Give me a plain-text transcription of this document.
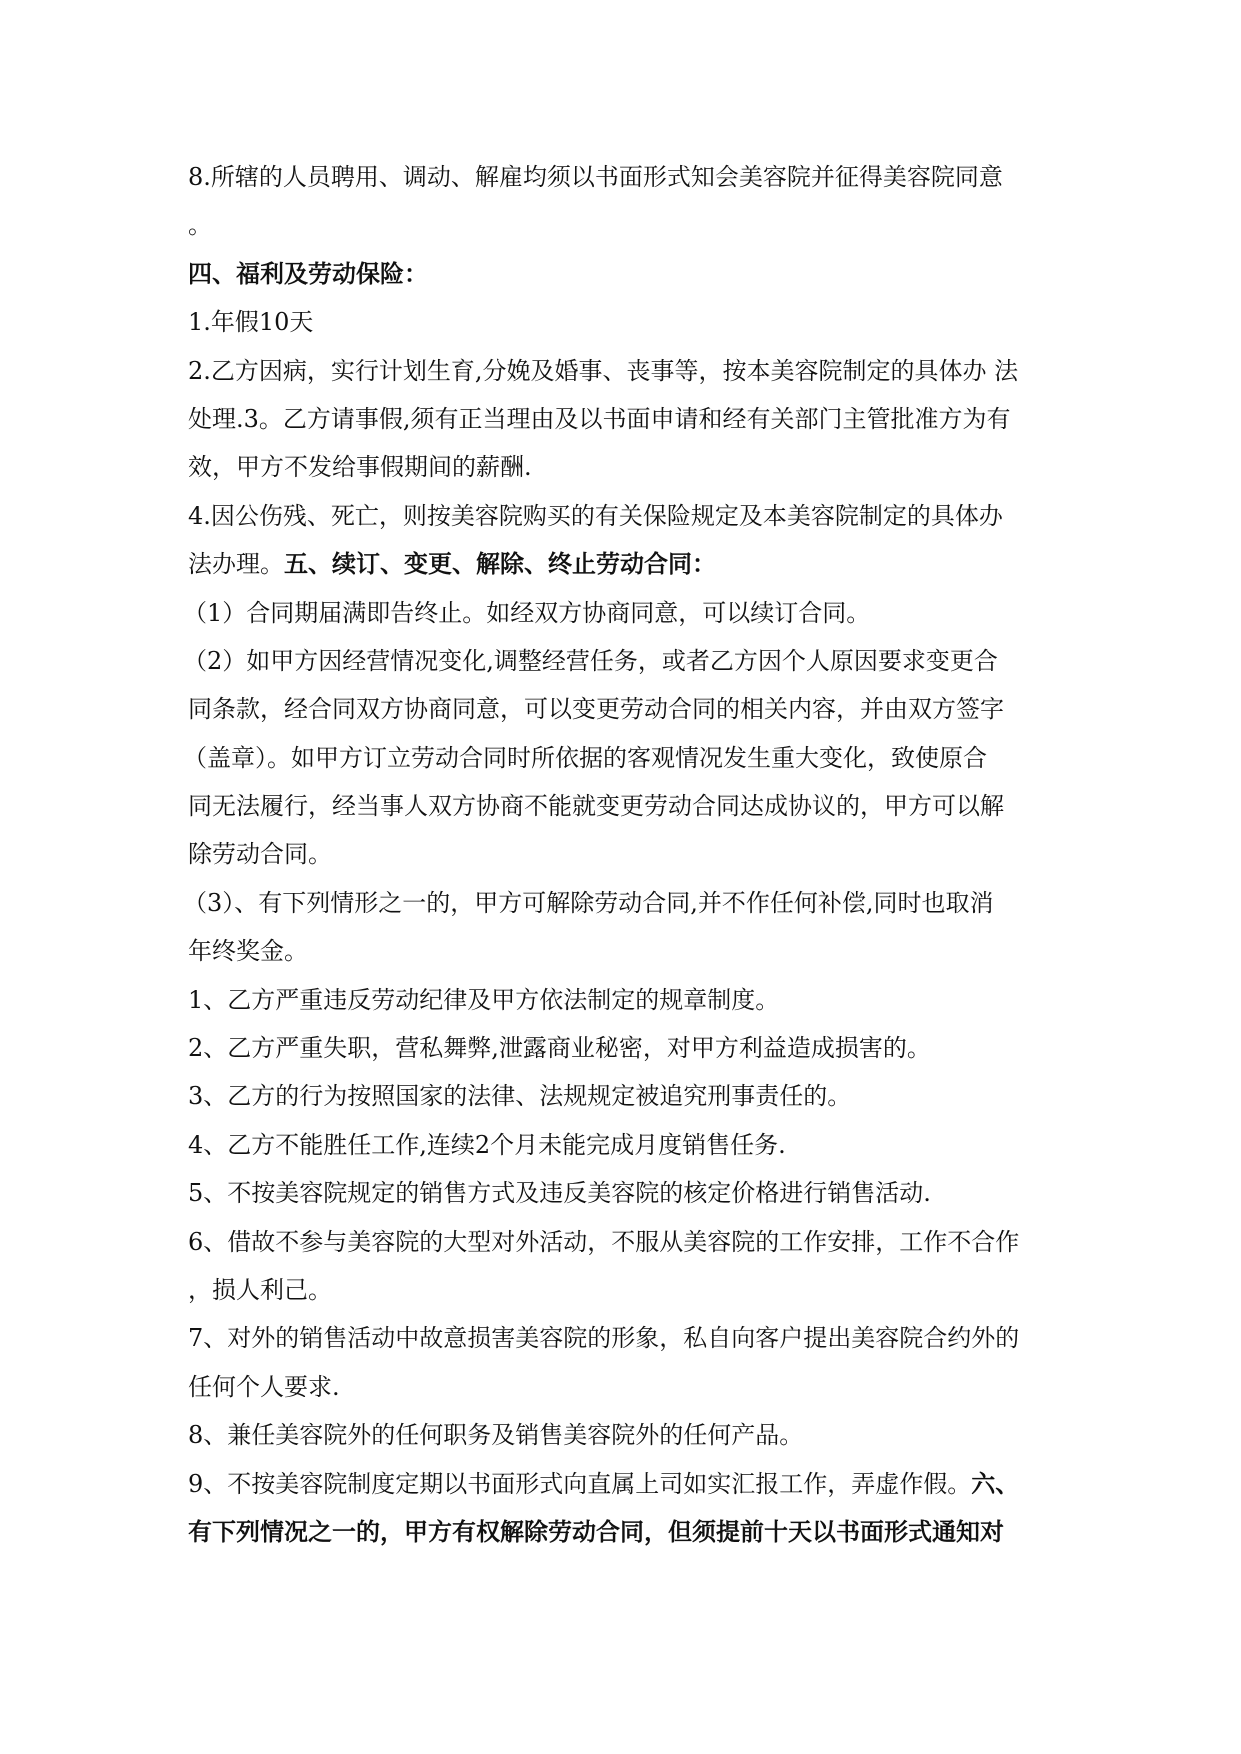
8.所辖的人员聘用、调动、解雇均须以书面形式知会美容院并征得美容院同意
。
四、福利及劳动保险：
1.年假10天
2.乙方因病，实行计划生育,分娩及婚事、丧事等，按本美容院制定的具体办 法
处理.3。乙方请事假,须有正当理由及以书面申请和经有关部门主管批准方为有
效，甲方不发给事假期间的薪酬.
4.因公伤残、死亡，则按美容院购买的有关保险规定及本美容院制定的具体办
法办理。五、续订、变更、解除、终止劳动合同：
（1）合同期届满即告终止。如经双方协商同意，可以续订合同。
（2）如甲方因经营情况变化,调整经营任务，或者乙方因个人原因要求变更合
同条款，经合同双方协商同意，可以变更劳动合同的相关内容，并由双方签字
（盖章）。如甲方订立劳动合同时所依据的客观情况发生重大变化，致使原合
同无法履行，经当事人双方协商不能就变更劳动合同达成协议的，甲方可以解
除劳动合同。
（3）、有下列情形之一的，甲方可解除劳动合同,并不作任何补偿,同时也取消
年终奖金。
1、乙方严重违反劳动纪律及甲方依法制定的规章制度。
2、乙方严重失职，营私舞弊,泄露商业秘密，对甲方利益造成损害的。
3、乙方的行为按照国家的法律、法规规定被追究刑事责任的。
4、乙方不能胜任工作,连续2个月未能完成月度销售任务.
5、不按美容院规定的销售方式及违反美容院的核定价格进行销售活动.
6、借故不参与美容院的大型对外活动，不服从美容院的工作安排，工作不合作
，损人利己。
7、对外的销售活动中故意损害美容院的形象，私自向客户提出美容院合约外的
任何个人要求.
8、兼任美容院外的任何职务及销售美容院外的任何产品。
9、不按美容院制度定期以书面形式向直属上司如实汇报工作，弄虚作假。六、
有下列情况之一的，甲方有权解除劳动合同，但须提前十天以书面形式通知对
